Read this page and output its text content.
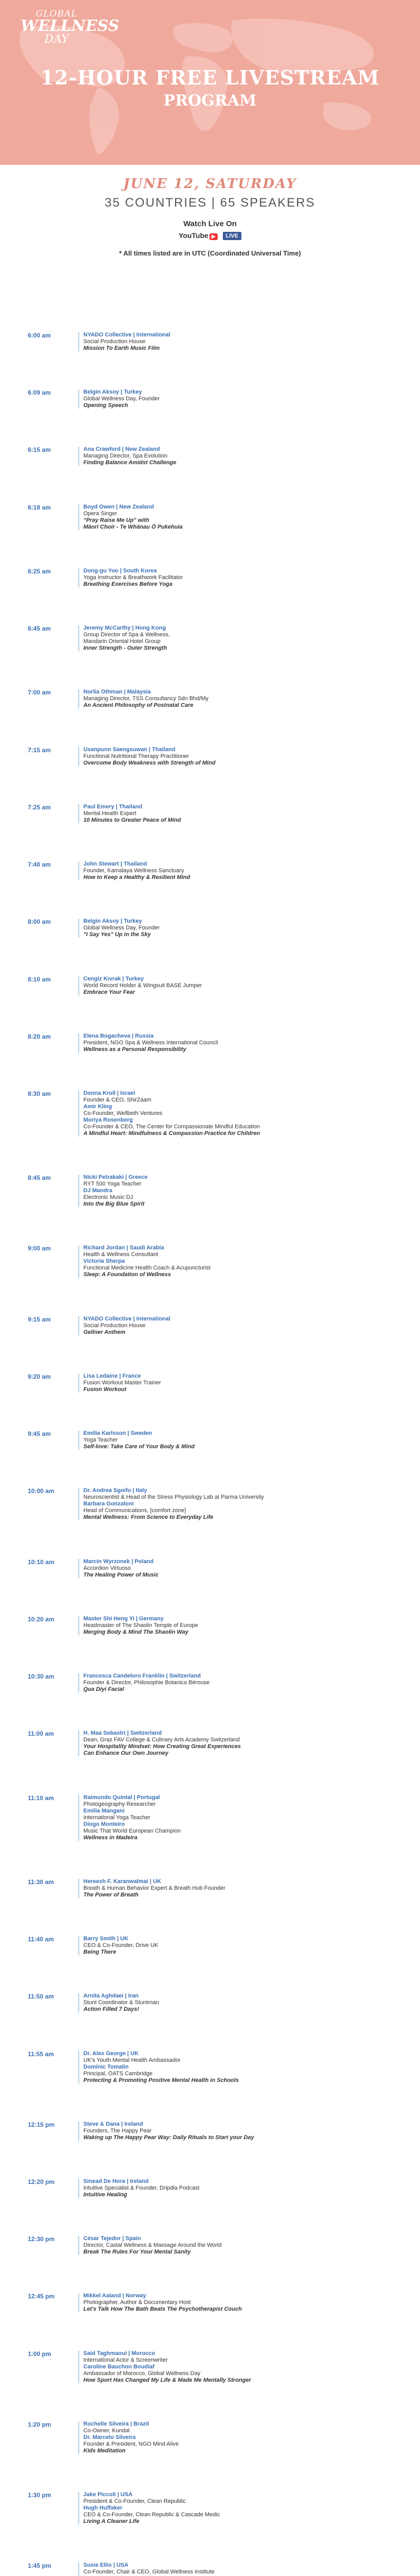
GLOBAL
WELLNESS
DAY
12-HOUR FREE LIVESTREAM
PROGRAM
JUNE 12, SATURDAY
35 COUNTRIES | 65 SPEAKERS
Watch Live On
YouTube ▶	LIVE
* All times listed are in UTC (Coordinated Universal Time)
6:00 am	NYADO Collective | International
Social Production House
Mission To Earth Music Film
6:09 am	Belgin Aksoy | Turkey
Global Wellness Day, Founder
Opening Speech
6:15 am	Ana Crawford | New Zealand
Managing Director, Spa Evolution
Finding Balance Amidst Challenge
6:18 am	Boyd Owen | New Zealand
Opera Singer
"Pray Raise Me Up" with
Māori Choir - Te Whānau Ō Pukehuia
6:25 am	Dong-gu Yoo | South Korea
Yoga Instructor & Breathwork Facilitator
Breathing Exercises Before Yoga
6:45 am	Jeremy McCarthy | Hong Kong
Group Director of Spa & Wellness,
Mandarin Oriental Hotel Group
Inner Strength - Outer Strength
7:00 am	Norlia Othman | Malaysia
Managing Director, TSS Consultancy Sdn Bhd/My
An Ancient Philosophy of Postnatal Care
7:15 am	Usanpunn Saengsuwan | Thailand
Functional Nutritional Therapy Practitioner
Overcome Body Weakness with Strength of Mind
7:25 am	Paul Emery | Thailand
Mental Health Expert
10 Minutes to Greater Peace of Mind
7:40 am	John Stewart | Thailand
Founder, Kamalaya Wellness Sanctuary
How to Keep a Healthy & Resilient Mind
8:00 am	Belgin Aksoy | Turkey
Global Wellness Day, Founder
"I Say Yes" Up in the Sky
8:10 am	Cengiz Kıvrak | Turkey
World Record Holder & Wingsuit BASE Jumper
Embrace Your Fear
8:20 am	Elena Bogacheva | Russia
President, NGO Spa & Wellness International Council
Wellness as a Personal Responsibility
8:30 am	Donna Kroll | Israel
Founder & CEO, ShirZaam
Amir Kling
Co-Founder, Wellbeth Ventures
Moriya Rosenberg
Co-Founder & CEO, The Center for Compassionate Mindful Education
A Mindful Heart: Mindfulness & Compassion Practice for Children
8:45 am	Nicki Petrakaki | Greece
RYT 500 Yoga Teacher
DJ Mandra
Electronic Music DJ
Into the Big Blue Spirit
9:00 am	Richard Jordan | Saudi Arabia
Health & Wellness Consultant
Victoria Sherpa
Functional Medicine Health Coach & Acupuncturist
Sleep: A Foundation of Wellness
9:15 am	NYADO Collective | International
Social Production House
Gellner Anthem
9:20 am	Lisa Ledaine | France
Fusion Workout Master Trainer
Fusion Workout
9:45 am	Emilia Karlsson | Sweden
Yoga Teacher
Self-love: Take Care of Your Body & Mind
10:00 am	Dr. Andrea Sgoifo | Italy
Neuroscientist & Head of the Stress Physiology Lab at Parma University
Barbara Gonzaloni
Head of Communications, [comfort zone]
Mental Wellness: From Science to Everyday Life
10:10 am	Marcin Wyrzonek | Poland
Accordion Virtuoso
The Healing Power of Music
10:20 am	Master Shi Heng Yi | Germany
Headmaster of The Shaolin Temple of Europe
Merging Body & Mind The Shaolin Way
10:30 am	Francesca Candeloro Franklin | Switzerland
Founder & Director, Philosophie Botanica Bérouse
Qua Diyi Facial
11:00 am	H. Maa Sebastri | Switzerland
Dean, Graz FAV College & Culinary Arts Academy Switzerland
Your Hospitality Mindset: How Creating Great Experiences
Can Enhance Our Own Journey
11:10 am	Raimundo Quintal | Portugal
Photogeography Researcher
Emilia Mangani
International Yoga Teacher
Diogo Monteiro
Music That World European Champion
Wellness in Madeira
11:30 am	Hereesh F. Karanwalmai | UK
Breath & Human Behavior Expert & Breath Hub Founder
The Power of Breath
11:40 am	Barry Smith | UK
CEO & Co-Founder, Drive UK
Being There
11:50 am	Arnita Aghdaei | Iran
Stunt Coordinator & Stuntman
Action Filled 7 Days!
11:55 am	Dr. Alex George | UK
UK's Youth Mental Health Ambassador
Dominic Tomalin
Principal, OATS Cambridge
Protecting & Promoting Positive Mental Health in Schools
12:15 pm	Steve & Dana | Ireland
Founders, The Happy Pear
Waking up The Happy Pear Way: Daily Rituals to Start your Day
12:20 pm	Sinead De Hora | Ireland
Intuitive Specialist & Founder, Dripdla Podcast
Intuitive Healing
12:30 pm	César Tejedor | Spain
Director, Castal Wellness & Massage Around the World
Break The Rules For Your Mental Sanity
12:45 pm	Mikkel Aaland | Norway
Photographer, Author & Documentary Host
Let's Talk How The Bath Beats The Psychotherapist Couch
1:00 pm	Said Taghmaoui | Morocco
International Actor & Screenwriter
Caroline Bauchon Boudiaf
Ambassador of Morocco, Global Wellness Day
How Sport Has Changed My Life & Made Me Mentally Stronger
1:20 pm	Rochelle Silveira | Brazil
Co-Owner, Kundal
Dr. Marcelo Silveira
Founder & President, NGO Mind Alive
Kids Meditation
1:30 pm	Jake Piccoli | USA
President & Co-Founder, Clean Republic
Hugh Huffaker
CEO & Co-Founder, Clean Republic & Cascade Medic
Living A Cleaner Life
1:45 pm	Susie Ellis | USA
Co-Founder, Chair & CEO, Global Wellness Institute
